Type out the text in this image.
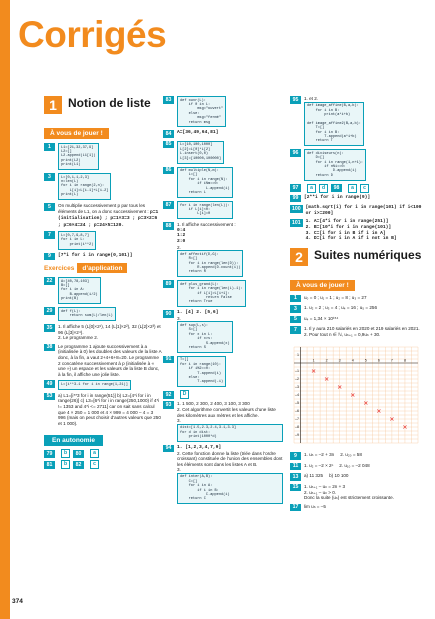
Corrigés
1 Notion de liste
À vous de jouer !
1	L1=[21,32,37,9]
L2=[]
L2.append(L1[1])
print(L2)
print(L1)
3	L=[0,1,1,2,3]
n=len(L)
for i in range(2,n):
L[i]=L[i-1]+L[i-2]
print(L)
5	On multiplie successivement p par tous les éléments de L1, on a donc successivement : p=1 (initialisation) ; p=1×3=3 ; p=3×2=6 ; p=6×4=24 ; p=24×5=120.
7	L=[0,7,9,8,7]
for i in L:
print(i**2)
9	[7*i for i in range(0,101)]
Exercices	d’application
22	A=[40,78,103]
B=[]
for i in A:
B.append(i/2)
print(B)
29	def f(L):
return sum(L)/len(L)
35	1. Il affiche 5 (L[0]×2¹), 14 (L[1]×2²), 32 (L[2]×2³) et 96 (L[3]×2⁴).
2. Le programme 2.
38	Le programme 1 ajoute successivement à a (initialisée à 0) les doubles des valeurs de la liste A donc, à la fin, a vaut 2+4+6+8=20. Le programme 2 concatène successivement à p (initialisée à « une ») un espace et les valeurs de la liste B donc, à la fin, il affiche une jolie liste.
49	L=[i**3-1 for i in range(1,21)]
53	a) L1=[i**3 for i in range(51)] b) L2=[4*i for i in range(26)] c) L3=[6*i for i in range(250,1000) if 4*i != 1353 and 4*i <= 2711] car on sait sans calcul que 4 × 250 = 1 000 et 4 × 999 = 4 000 – 4 = 3 996 (mais on peut choisir d’autres valeurs que 250 et 1 000).
En autonomie
79	b	80	a
81	b	82	c
83	def ouvr(L):
if 0 in L:
msg="ouvert"
else:
msg="fermé"
return msg
84	A=[36,49,64,81]
85	L=[10,100,1000]
L[2]=L[0]*L[2]
L.insert(0,0)
L[3]=[10000,100000]
86	def multiple(N,m):
L=[]
for i in range(N):
if i%m==0:
L.append(i)
return L
87	for i in range(len(L)):
if L[i]<0:
L[i]=0
88	1. Il affiche successivement :
0:4
1:2
2:0
2.
def affectif(D,G):
R=[]
for i in range(len(D)):
R.append(D.count(i))
return R
89	def plus_grand(L):
for i in range(len(L)-1):
if L[i]>L[i+1]:
return False
return True
90	1. [4] 2. [5,6]
3.
def sup(L,s):
S=[]
for x in L:
if x>s:
S.append(x)
return S
91	T=[]
for i in range(10):
if i%2==0:
T.append(i)
else:
T.append(-i)
92	D
93	1. 1 500, 2 300, 2 400, 3 100, 3 300
2. Cet algorithme convertit les valeurs d’une liste des kilomètres aux mètres et les affiche.
3.
dist=[1.5,2.3,2.4,3.1,3.3]
for d in dist:
print(1000*d)
94	1. [1,2,3,4,7,9]
2. Cette fonction donne la liste (triée dans l’ordre croissant) constituée de l’union des ensembles dont les éléments sont dans les listes A et B.
3.
def inter(A,B):
C=[]
for i in A:
if i in B:
C.append(i)
return C
95	1. et 2.
def image_affine(B,a,b):
for i in B:
print(a*i+b)

def image_affine2(B,a,b):
T=[]
for i in B:
T.append(a*i+b)
return T
96	def diviseurs(n):
D=[]
for i in range(1,n+1):
if n%i==0:
D.append(i)
return D
97	a	d	98	a	c
99	[2**i for i in range(9)]
100	[math.sqrt(i) for i in range(101) if i<100 or i>=200]
101	1. A=[4*i for i in range(251)]
2. B=[10*i for i in range(101)]
3. C=[i for i in B if i in A]
4. D=[i for i in A if i not in B]
2 Suites numériques
À vous de jouer !
1	u₀ = 0 ; u₁ = 1 ; u₂ = 8 ; u₃ = 27
3	1. u₂ = 2 ; u₃ = 4 ; u₄ = 16 ; u₅ = 256
5	u₄ = 1,34 × 10¹⁵⁴
7	1. Il y aura 210 salariés en 2020 et 219 salariés en 2021.
2. Pour tout n ∈ ℕ, uₙ₊₁ = 0,9uₙ + 30.
1	2	3	4	5	6	7	8
1
–1
–2
–3
–4
–5
–6
–7
–8
–9
9	1. uₙ = –2 + 3n 2. u₂₀ = 58
11	1. u₂ = –2 × 2ⁿ 2. u₁₀ = –2 048
13	a) 11 325 b) 10 100
15	1. uₙ₊₁ – uₙ = 2n + 3
2. uₙ₊₁ – uₙ > 0.
Donc la suite (uₙ) est strictement croissante.
17	lim uₙ = –5
374
